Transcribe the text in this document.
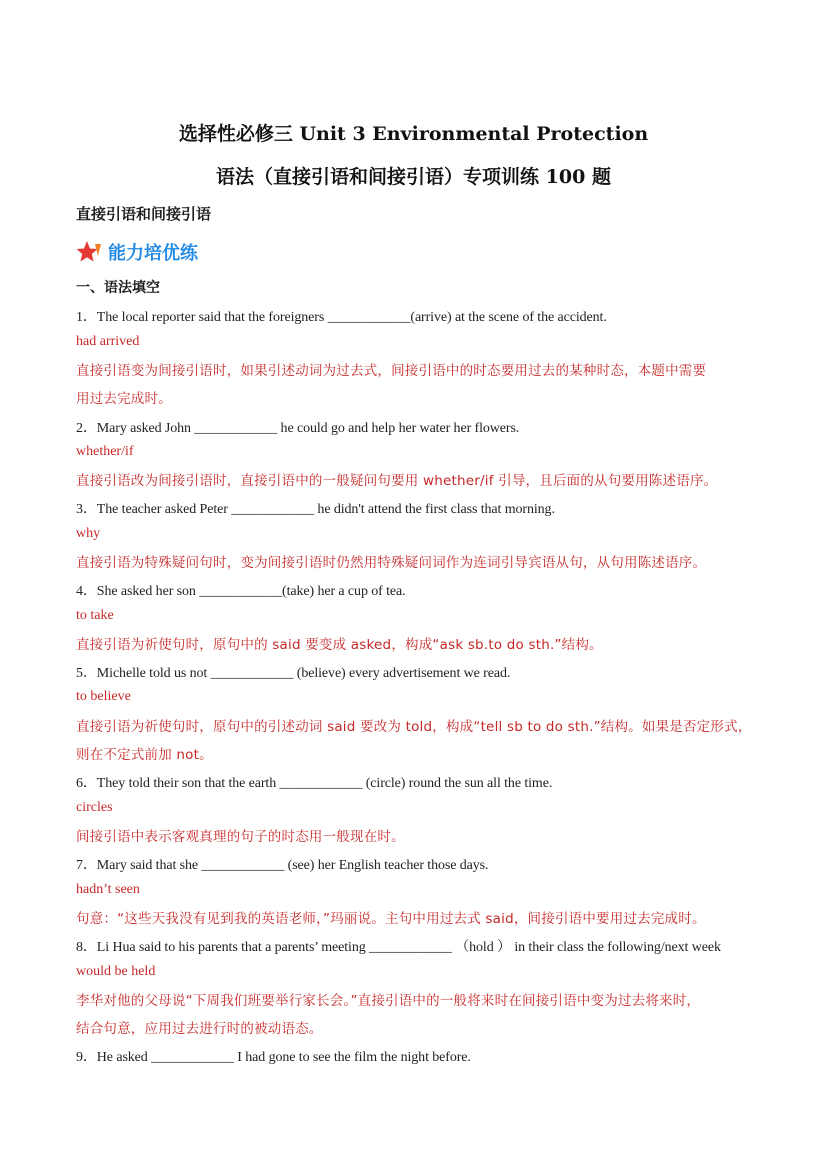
选择性必修三 Unit 3 Environmental Protection
语法（直接引语和间接引语）专项训练 100 题
直接引语和间接引语
能力培优练
一、语法填空
1．The local reporter said that the foreigners ____________(arrive) at the scene of the accident.
had arrived
直接引语变为间接引语时，如果引述动词为过去式，间接引语中的时态要用过去的某种时态，本题中需要
用过去完成时。
2．Mary asked John ____________ he could go and help her water her flowers.
whether/if
直接引语改为间接引语时，直接引语中的一般疑问句要用 whether/if 引导，且后面的从句要用陈述语序。
3．The teacher asked Peter ____________ he didn't attend the first class that morning.
why
直接引语为特殊疑问句时，变为间接引语时仍然用特殊疑问词作为连词引导宾语从句，从句用陈述语序。
4．She asked her son ____________(take) her a cup of tea.
to take
直接引语为祈使句时，原句中的 said 要变成 asked，构成“ask sb.to do sth.”结构。
5．Michelle told us not ____________ (believe) every advertisement we read.
to believe
直接引语为祈使句时，原句中的引述动词 said 要改为 told，构成“tell sb to do sth.”结构。如果是否定形式，
则在不定式前加 not。
6．They told their son that the earth ____________ (circle) round the sun all the time.
circles
间接引语中表示客观真理的句子的时态用一般现在时。
7．Mary said that she ____________ (see) her English teacher those days.
hadn’t seen
句意：“这些天我没有见到我的英语老师，”玛丽说。主句中用过去式 said，间接引语中要用过去完成时。
8．Li Hua said to his parents that a parents’ meeting ____________ （hold ） in their class the following/next week
would be held
李华对他的父母说“下周我们班要举行家长会。”直接引语中的一般将来时在间接引语中变为过去将来时，
结合句意，应用过去进行时的被动语态。
9．He asked ____________ I had gone to see the film the night before.
